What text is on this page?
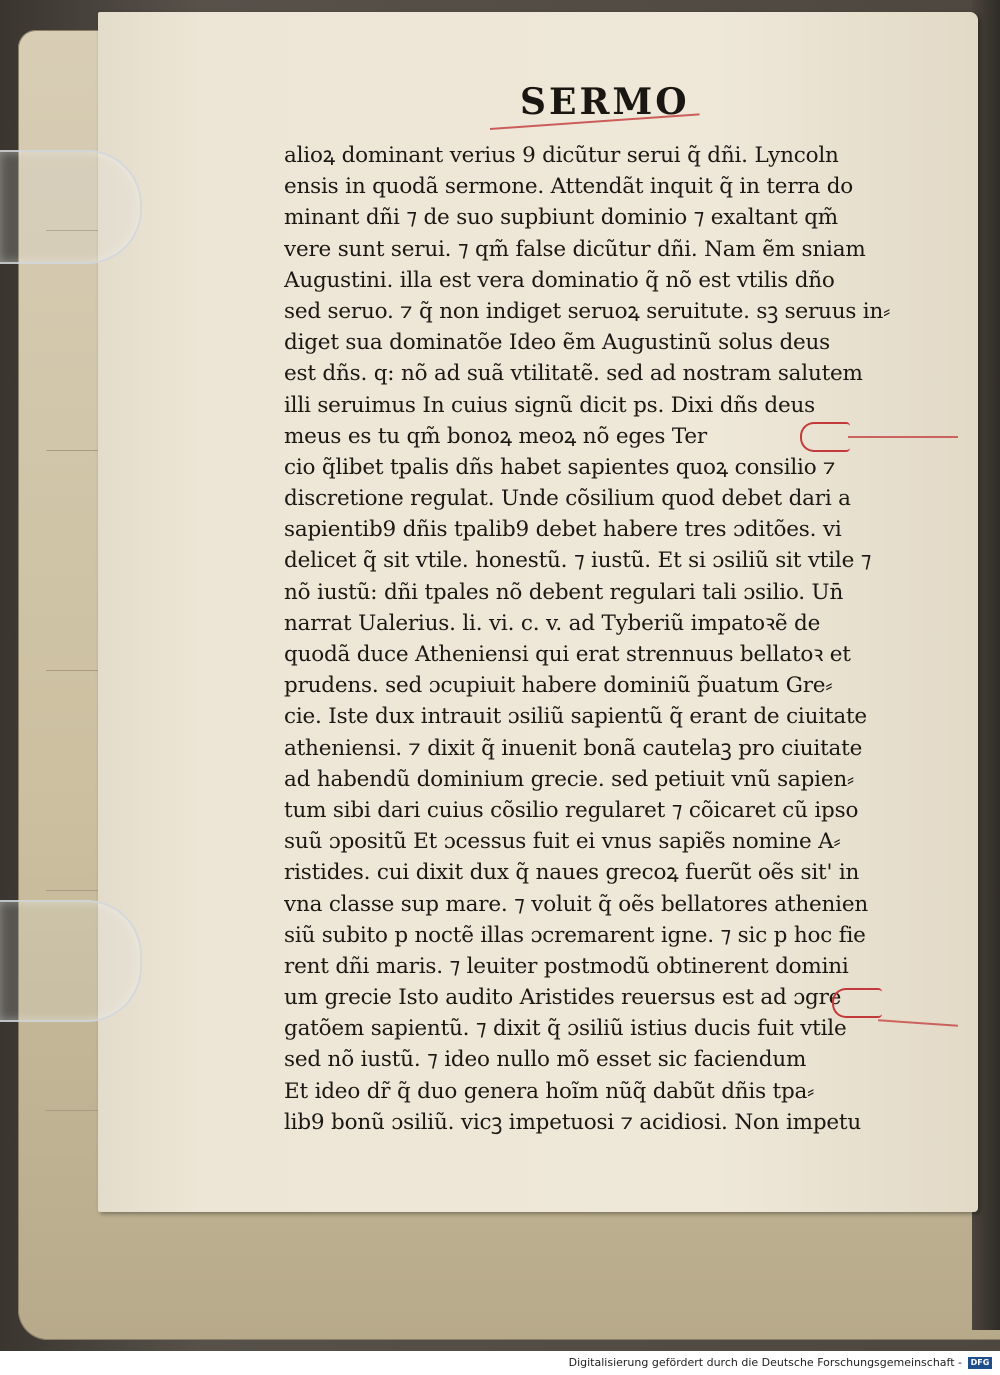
SERMO
alioꝝ dominant verius 9 dicũtur serui q̃ dñi. Lyncoln
ensis in quodã sermone. Attendãt inquit q̃ in terra do
minant dñi ⁊ de suo supbiunt dominio ⁊ exaltant qm̃
vere sunt serui. ⁊ qm̃ false dicũtur dñi. Nam ẽm sniam
Augustini. illa est vera dominatio q̃ nõ est vtilis dño
sed seruo. ⁊ q̃ non indiget seruoꝝ seruitute. sꝫ seruus in⸗
diget sua dominatõe Ideo ẽm Augustinũ solus deus
est dñs. q: nõ ad suã vtilitatẽ. sed ad nostram salutem
illi seruimus In cuius signũ dicit ps. Dixi dñs deus
meus es tu qm̃ bonoꝝ meoꝝ nõ eges Ter
cio q̃libet tpalis dñs habet sapientes quoꝝ consilio ⁊
discretione regulat. Unde cõsilium quod debet dari a
sapientib9 dñis tpalib9 debet habere tres ɔditões. vi
delicet q̃ sit vtile. honestũ. ⁊ iustũ. Et si ɔsiliũ sit vtile ⁊
nõ iustũ: dñi tpales nõ debent regulari tali ɔsilio. Un̄
narrat Ualerius. li. vi. c. v. ad Tyberiũ impatoꝛẽ de
quodã duce Atheniensi qui erat strennuus bellatoꝛ et
prudens. sed ɔcupiuit habere dominiũ p̃uatum Gre⸗
cie. Iste dux intrauit ɔsiliũ sapientũ q̃ erant de ciuitate
atheniensi. ⁊ dixit q̃ inuenit bonã cautelaꝫ pro ciuitate
ad habendũ dominium grecie. sed petiuit vnũ sapien⸗
tum sibi dari cuius cõsilio regularet ⁊ cõicaret cũ ipso
suũ ɔpositũ Et ɔcessus fuit ei vnus sapiẽs nomine A⸗
ristides. cui dixit dux q̃ naues grecoꝝ fuerũt oẽs sit' in
vna classe sup mare. ⁊ voluit q̃ oẽs bellatores athenien
siũ subito p noctẽ illas ɔcremarent igne. ⁊ sic p hoc fie
rent dñi maris. ⁊ leuiter postmodũ obtinerent domini
um grecie Isto audito Aristides reuersus est ad ɔgre
gatõem sapientũ. ⁊ dixit q̃ ɔsiliũ istius ducis fuit vtile
sed nõ iustũ. ⁊ ideo nullo mõ esset sic faciendum
Et ideo dr̃ q̃ duo genera hoĩm nũq̃ dabũt dñis tpa⸗
lib9 bonũ ɔsiliũ. vicꝫ impetuosi ⁊ acidiosi. Non impetu

Digitalisierung gefördert durch die Deutsche Forschungsgemeinschaft -	DFG
